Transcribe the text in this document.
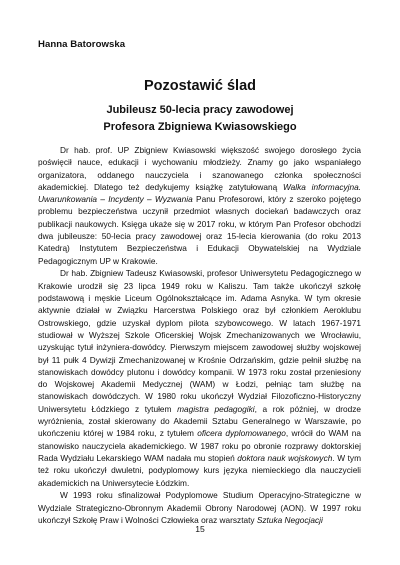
Hanna Batorowska
Pozostawić ślad
Jubileusz 50-lecia pracy zawodowej
Profesora Zbigniewa Kwiasowskiego

Dr hab. prof. UP Zbigniew Kwiasowski większość swojego dorosłego życia poświęcił nauce, edukacji i wychowaniu młodzieży. Znamy go jako wspaniałego organizatora, oddanego nauczyciela i szanowanego członka społeczności akademickiej. Dlatego też dedykujemy książkę zatytułowaną Walka informacyjna. Uwarunkowania – Incydenty – Wyzwania Panu Profesorowi, który z szeroko pojętego problemu bezpieczeństwa uczynił przedmiot własnych dociekań badawczych oraz publikacji naukowych. Księga ukaże się w 2017 roku, w którym Pan Profesor obchodzi dwa jubileusze: 50-lecia pracy zawodowej oraz 15-lecia kierowania (do roku 2013 Katedrą) Instytutem Bezpieczeństwa i Edukacji Obywatelskiej na Wydziale Pedagogicznym UP w Krakowie.

Dr hab. Zbigniew Tadeusz Kwiasowski, profesor Uniwersytetu Pedagogicznego w Krakowie urodził się 23 lipca 1949 roku w Kaliszu. Tam także ukończył szkołę podstawową i męskie Liceum Ogólnokształcące im. Adama Asnyka. W tym okresie aktywnie działał w Związku Harcerstwa Polskiego oraz był członkiem Aeroklubu Ostrowskiego, gdzie uzyskał dyplom pilota szybowcowego. W latach 1967-1971 studiował w Wyższej Szkole Oficerskiej Wojsk Zmechanizowanych we Wrocławiu, uzyskując tytuł inżyniera-dowódcy. Pierwszym miejscem zawodowej służby wojskowej był 11 pułk 4 Dywizji Zmechanizowanej w Krośnie Odrzańskim, gdzie pełnił służbę na stanowiskach dowódcy plutonu i dowódcy kompanii. W 1973 roku został przeniesiony do Wojskowej Akademii Medycznej (WAM) w Łodzi, pełniąc tam służbę na stanowiskach dowódczych. W 1980 roku ukończył Wydział Filozoficzno-Historyczny Uniwersytetu Łódzkiego z tytułem magistra pedagogiki, a rok później, w drodze wyróżnienia, został skierowany do Akademii Sztabu Generalnego w Warszawie, po ukończeniu której w 1984 roku, z tytułem oficera dyplomowanego, wrócił do WAM na stanowisko nauczyciela akademickiego. W 1987 roku po obronie rozprawy doktorskiej Rada Wydziału Lekarskiego WAM nadała mu stopień doktora nauk wojskowych. W tym też roku ukończył dwuletni, podyplomowy kurs języka niemieckiego dla nauczycieli akademickich na Uniwersytecie Łódzkim.

W 1993 roku sfinalizował Podyplomowe Studium Operacyjno-Strategiczne w Wydziale Strategiczno-Obronnym Akademii Obrony Narodowej (AON). W 1997 roku ukończył Szkołę Praw i Wolności Człowieka oraz warsztaty Sztuka Negocjacji

15
